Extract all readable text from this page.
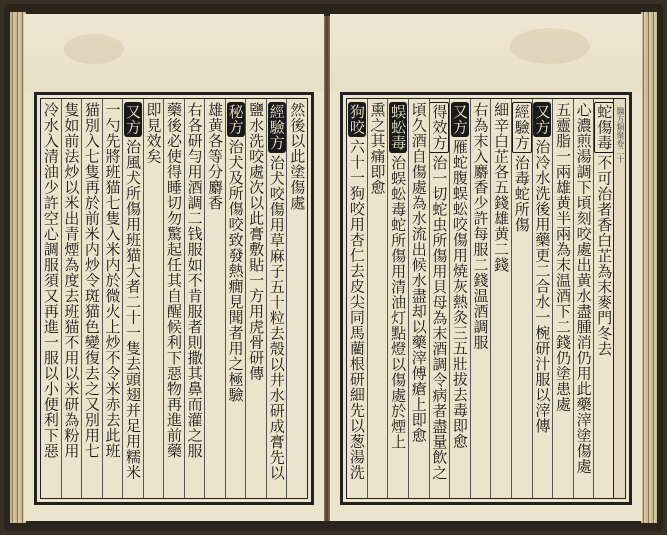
然後以此塗傷處
經驗方
治犬咬傷用草麻子五十粒去殼以井水研成膏先以
鹽水洗咬處次以此膏敷貼一方用虎骨研傳
秘方
治犬及所傷咬致發熱癇見聞者用之極驗
雄黄各等分麝香
右各研勻用酒調二钱服如不肯服者則撒其鼻而灌之服
藥後必使得睡切勿驚起任其自醒候利下惡物再進前藥
即見效矣
又方
治風犬所傷用班猫大者二十一隻去頭翅并足用糯米
一勺先將班猫七隻入米内於微火上炒不令米赤去此班
猫別入七隻再於前米内炒令斑猫色變復去之又別用七
隻如前法炒以米出青煙為度去班猫不用以米研為粉用
冷水入清油少許空心調服須又再進一服以小便利下惡	蛇傷毒
不可治者香白芷為末麥門冬去
心濃煎湯調下頃刻咬處出黄水盡腫消仍用此藥滓塗傷處
五靈脂一兩雄黄半兩為末温酒下二錢仍塗患處
又方
治冷水洗後用藥更二合水一椀研汁服以滓傳
經驗方
治毒蛇所傷
細辛白芷各五錢雄黄二錢
右為末入麝香少許每服二錢温酒調服
又方
雁蛇腹蜈蚣咬傷用焼灰熱灸三五壯拔去毒即愈
得效方
治一切蛇虫所傷用貝母為末酒調令病者盡量飲之
頃久酒自傷處為水流出候水盡却以藥滓傅瘡上即愈
蜈蚣毒
治蜈蚣毒蛇所傷用清油灯點燈以傷處於煙上
熏之其痛即愈
狗咬
六十一狗咬用杏仁去皮尖同馬藺根研細先以葱湯洗
醫方類聚卷二十
